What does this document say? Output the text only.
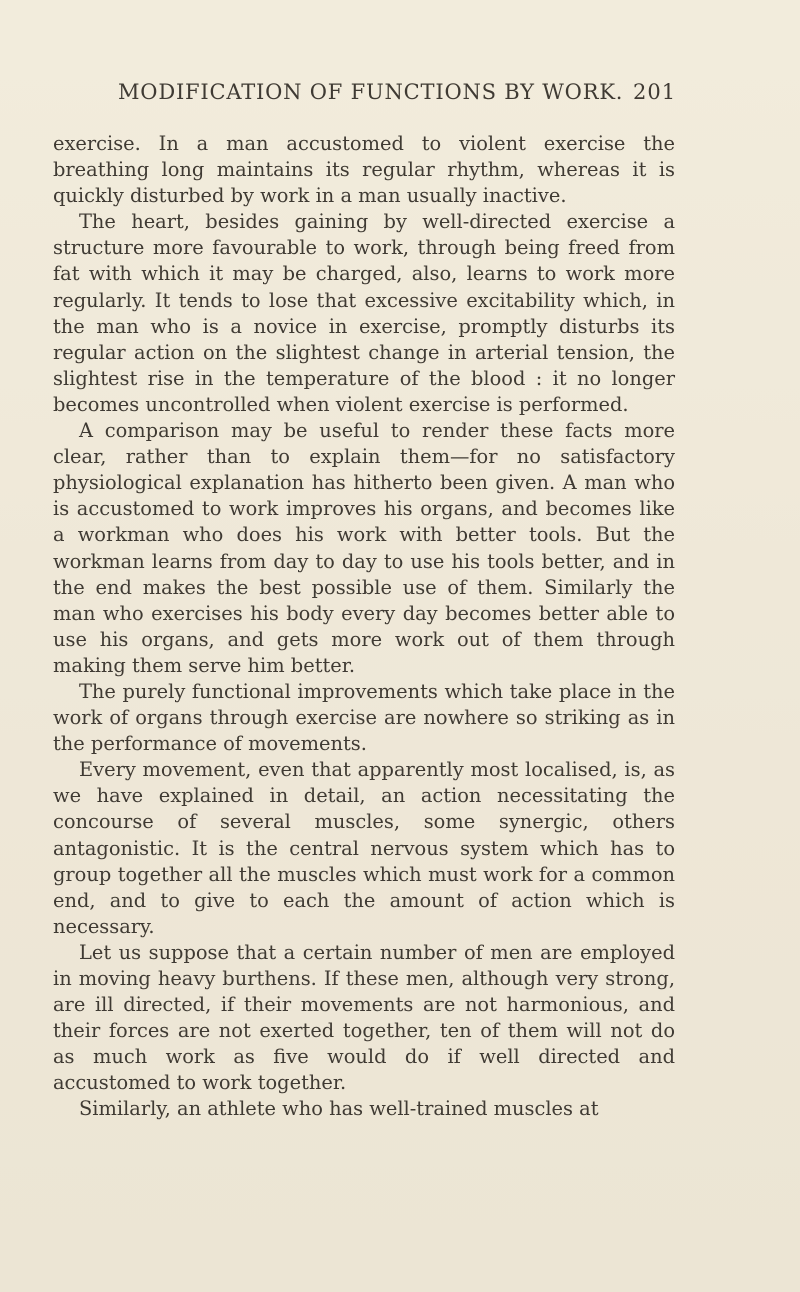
MODIFICATION OF FUNCTIONS BY WORK. 201

exercise. In a man accustomed to violent exercise the breathing long maintains its regular rhythm, whereas it is quickly disturbed by work in a man usually inactive.

The heart, besides gaining by well-directed exercise a structure more favourable to work, through being freed from fat with which it may be charged, also, learns to work more regularly. It tends to lose that excessive excitability which, in the man who is a novice in exercise, promptly disturbs its regular action on the slightest change in arterial tension, the slightest rise in the temperature of the blood : it no longer becomes uncontrolled when violent exercise is performed.

A comparison may be useful to render these facts more clear, rather than to explain them—for no satisfactory physiological explanation has hitherto been given. A man who is accustomed to work improves his organs, and becomes like a workman who does his work with better tools. But the workman learns from day to day to use his tools better, and in the end makes the best possible use of them. Similarly the man who exercises his body every day becomes better able to use his organs, and gets more work out of them through making them serve him better.

The purely functional improvements which take place in the work of organs through exercise are nowhere so striking as in the performance of movements.

Every movement, even that apparently most localised, is, as we have explained in detail, an action necessitating the concourse of several muscles, some synergic, others antagonistic. It is the central nervous system which has to group together all the muscles which must work for a common end, and to give to each the amount of action which is necessary.

Let us suppose that a certain number of men are employed in moving heavy burthens. If these men, although very strong, are ill directed, if their movements are not harmonious, and their forces are not exerted together, ten of them will not do as much work as five would do if well directed and accustomed to work together.

Similarly, an athlete who has well-trained muscles at
